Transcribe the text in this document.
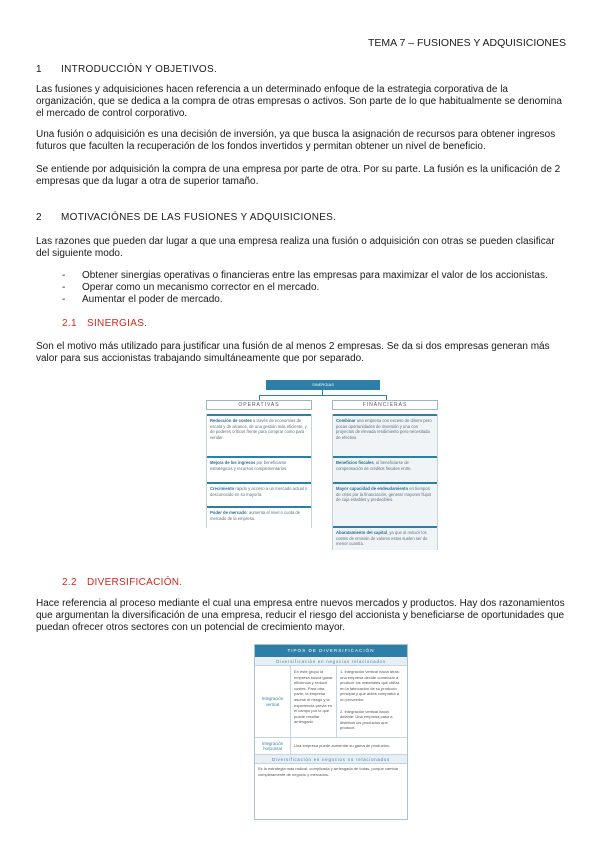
TEMA 7 – FUSIONES Y ADQUISICIONES
1 INTRODUCCIÓN Y OBJETIVOS.
Las fusiones y adquisiciones hacen referencia a un determinado enfoque de la estrategia corporativa de la organización, que se dedica a la compra de otras empresas o activos. Son parte de lo que habitualmente se denomina el mercado de control corporativo.
Una fusión o adquisición es una decisión de inversión, ya que busca la asignación de recursos para obtener ingresos futuros que faculten la recuperación de los fondos invertidos y permitan obtener un nivel de beneficio.
Se entiende por adquisición la compra de una empresa por parte de otra. Por su parte. La fusión es la unificación de 2 empresas que da lugar a otra de superior tamaño.
2 MOTIVACIÓNES DE LAS FUSIONES Y ADQUISICIONES.
Las razones que pueden dar lugar a que una empresa realiza una fusión o adquisición con otras se pueden clasificar del siguiente modo.
- Obtener sinergias operativas o financieras entre las empresas para maximizar el valor de los accionistas.
- Operar como un mecanismo corrector en el mercado.
- Aumentar el poder de mercado.
2.1 SINERGIAS.
Son el motivo más utilizado para justificar una fusión de al menos 2 empresas. Se da si dos empresas generan más valor para sus accionistas trabajando simultáneamente que por separado.
SINERGIAS
OPERATIVAS	FINANCIERAS
Reducción de costes a través de economías de escala y de alcance, de una gestión más eficiente, y de poderes críticos frente para comprar como para vender.
Mejora de los ingresos por beneficiarse estratégicas y recursos complementarios.
Crecimiento rápido y acceso a un mercado actual o desconocido en su mayoría.
Poder de mercado: aumenta el nivel o cuota de mercado de la empresa.
Combinar una empresa con exceso de dinero pero pocas oportunidades de inversión y una con proyectos de elevada rendimiento pero necesitada de efectivo.
Beneficios fiscales, al beneficiarse de compensación de créditos fiscales entre.
Mayor capacidad de endeudamiento en tiempos de crisis por la financiación, generar mayores flujos de caja estables y predecibles.
Abaratamiento del capital, ya que al reducir los costes de emisión de valores estos suelen ser de menor cuantía.
2.2 DIVERSIFICACIÓN.
Hace referencia al proceso mediante el cual una empresa entre nuevos mercados y productos. Hay dos razonamientos que argumentan la diversificación de una empresa, reducir el riesgo del accionista y beneficiarse de oportunidades que puedan ofrecer otros sectores con un potencial de crecimiento mayor.
TIPOS DE DIVERSIFICACIÓN
Diversificación en negocios relacionados
Integración vertical
En este grupo la empresa busca ganar eficiencia y reducir costes. Para otra parte, la empresa asume el riesgo y la experiencia previa en el campo por lo que puede resultar arriesgado.

1. Integración vertical hacia atrás: una empresa decide comenzar a producir los materiales que utiliza en la fabricación de su producto principal y que antes compraba a un proveedor.

2. Integración vertical hacia delante: Una empresa pasa a distribuir los productos que produce.

Integración horizontal
Una empresa puede aumentar su gama de productos.
Diversificación en negocios no relacionados
Es la estrategia más radical, complicada y arriesgada de todas, porque cambia completamente de negocio y mercados.
